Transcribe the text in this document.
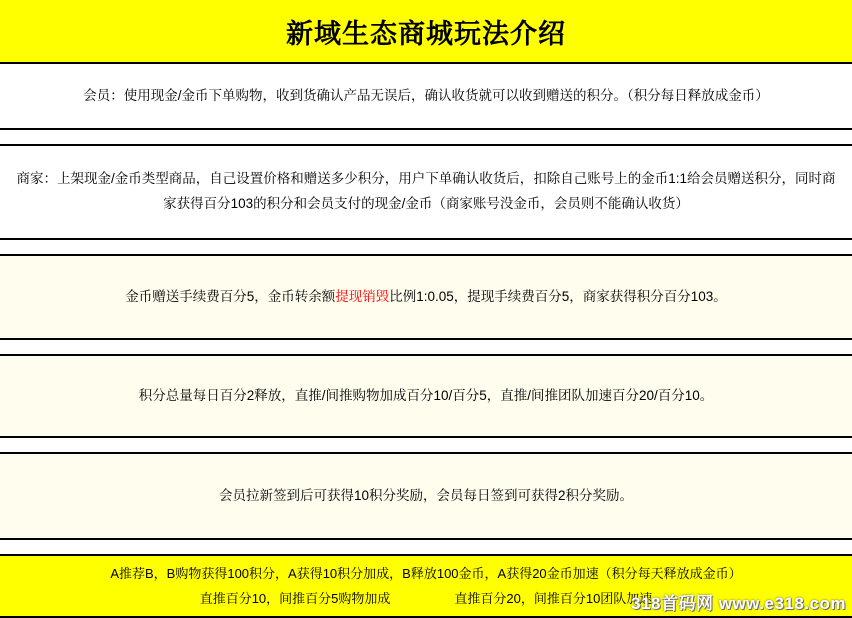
新域生态商城玩法介绍
会员：使用现金/金币下单购物，收到货确认产品无误后，确认收货就可以收到赠送的积分。（积分每日释放成金币）
商家：上架现金/金币类型商品，自己设置价格和赠送多少积分，用户下单确认收货后，扣除自己账号上的金币1:1给会员赠送积分，同时商家获得百分103的积分和会员支付的现金/金币（商家账号没金币，会员则不能确认收货）
金币赠送手续费百分5，金币转余额提现销毁比例1:0.05，提现手续费百分5，商家获得积分百分103。
积分总量每日百分2释放，直推/间推购物加成百分10/百分5，直推/间推团队加速百分20/百分10。
会员拉新签到后可获得10积分奖励，会员每日签到可获得2积分奖励。
A推荐B，B购物获得100积分，A获得10积分加成，B释放100金币，A获得20金币加速（积分每天释放成金币）
直推百分10，间推百分5购物加成	直推百分20，间推百分10团队加速
318首码网 www.e318.com
